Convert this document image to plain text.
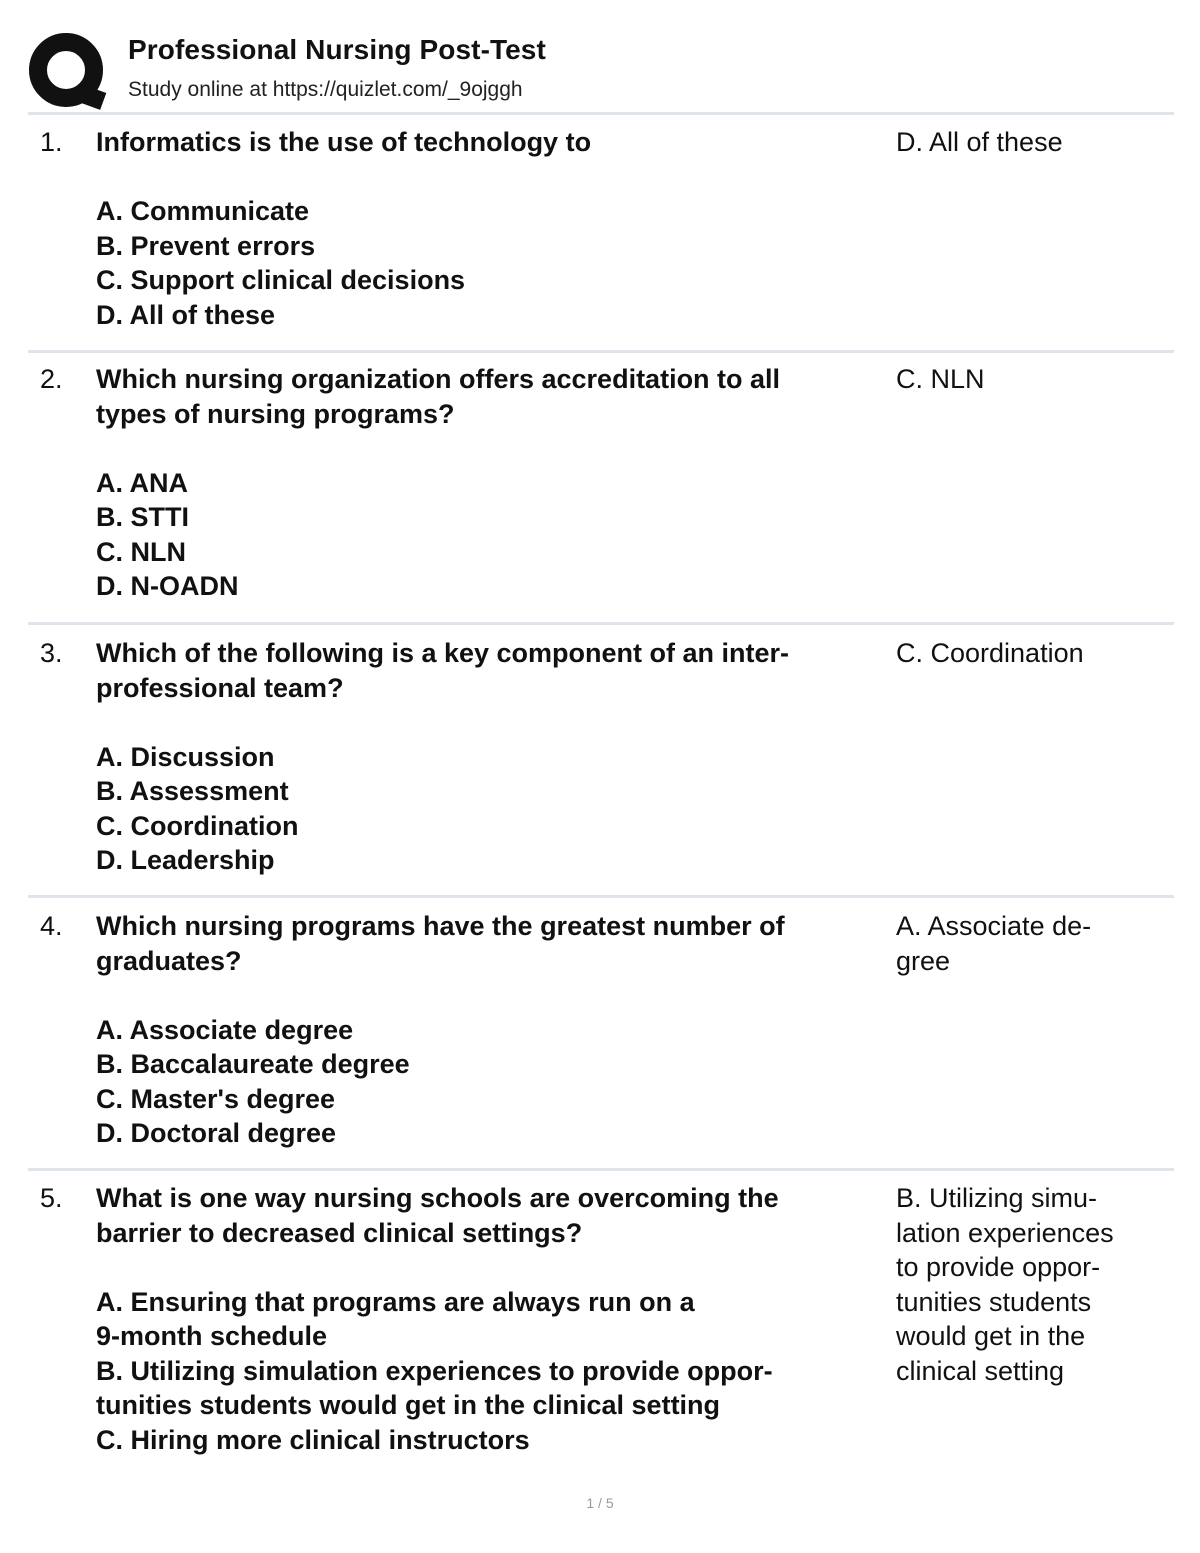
Professional Nursing Post-Test
Study online at https://quizlet.com/_9ojggh
1. Informatics is the use of technology to

A. Communicate
B. Prevent errors
C. Support clinical decisions
D. All of these
D. All of these
2. Which nursing organization offers accreditation to all
types of nursing programs?

A. ANA
B. STTI
C. NLN
D. N-OADN
C. NLN
3. Which of the following is a key component of an inter-
professional team?

A. Discussion
B. Assessment
C. Coordination
D. Leadership
C. Coordination
4. Which nursing programs have the greatest number of
graduates?

A. Associate degree
B. Baccalaureate degree
C. Master's degree
D. Doctoral degree
A. Associate de-
gree
5. What is one way nursing schools are overcoming the
barrier to decreased clinical settings?

A. Ensuring that programs are always run on a
9-month schedule
B. Utilizing simulation experiences to provide oppor-
tunities students would get in the clinical setting
C. Hiring more clinical instructors
B. Utilizing simu-
lation experiences
to provide oppor-
tunities students
would get in the
clinical setting
1 / 5
